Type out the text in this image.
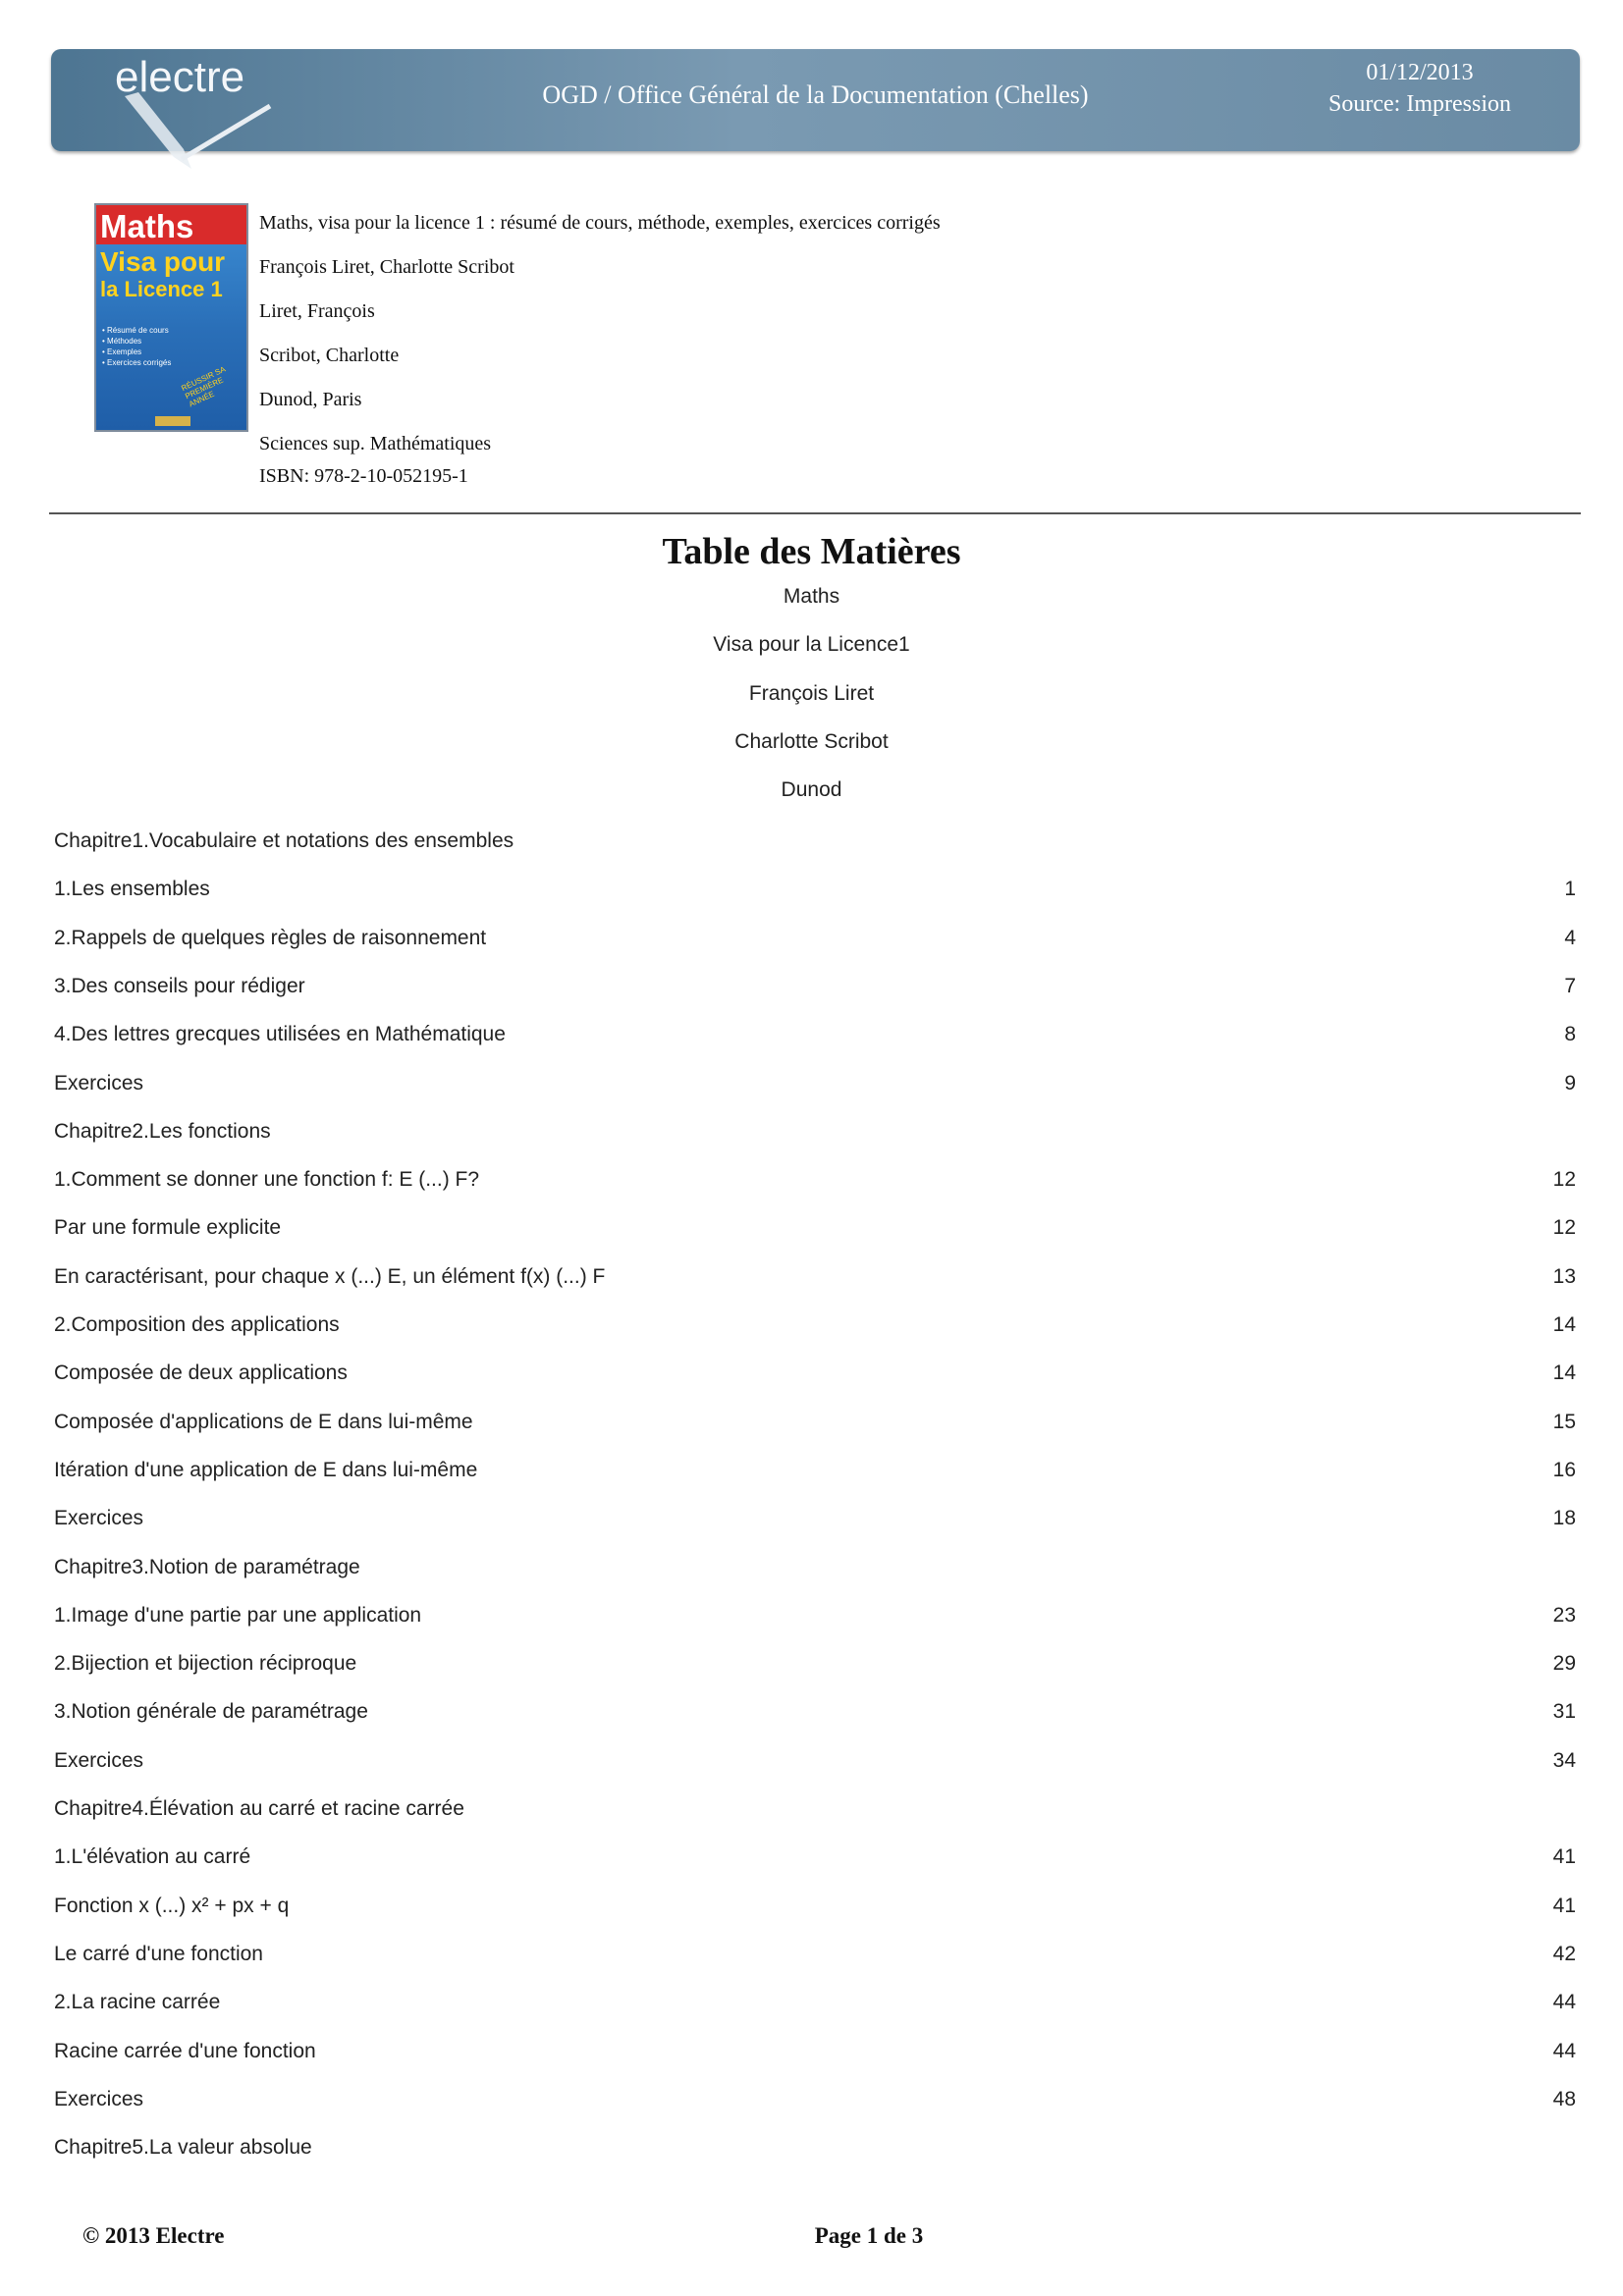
electre	OGD / Office Général de la Documentation (Chelles)
01/12/2013
Source: Impression
Maths
Visa pour
la Licence 1
• Résumé de cours
• Méthodes
• Exemples
• Exercices corrigés
RÉUSSIR SA PREMIÈRE ANNÉE
Maths, visa pour la licence 1 : résumé de cours, méthode, exemples, exercices corrigés
François Liret, Charlotte Scribot
Liret, François
Scribot, Charlotte
Dunod, Paris
Sciences sup. Mathématiques
ISBN: 978-2-10-052195-1
Table des Matières
Maths
Visa pour la Licence1
François Liret
Charlotte Scribot
Dunod
Chapitre1.Vocabulaire et notations des ensembles
1.Les ensembles	1
2.Rappels de quelques règles de raisonnement	4
3.Des conseils pour rédiger	7
4.Des lettres grecques utilisées en Mathématique	8
Exercices	9
Chapitre2.Les fonctions
1.Comment se donner une fonction f: E (...) F?	12
Par une formule explicite	12
En caractérisant, pour chaque x (...) E, un élément f(x) (...) F	13
2.Composition des applications	14
Composée de deux applications	14
Composée d'applications de E dans lui-même	15
Itération d'une application de E dans lui-même	16
Exercices	18
Chapitre3.Notion de paramétrage
1.Image d'une partie par une application	23
2.Bijection et bijection réciproque	29
3.Notion générale de paramétrage	31
Exercices	34
Chapitre4.Élévation au carré et racine carrée
1.L'élévation au carré	41
Fonction x (...) x² + px + q	41
Le carré d'une fonction	42
2.La racine carrée	44
Racine carrée d'une fonction	44
Exercices	48
Chapitre5.La valeur absolue
© 2013 Electre	Page 1 de 3
